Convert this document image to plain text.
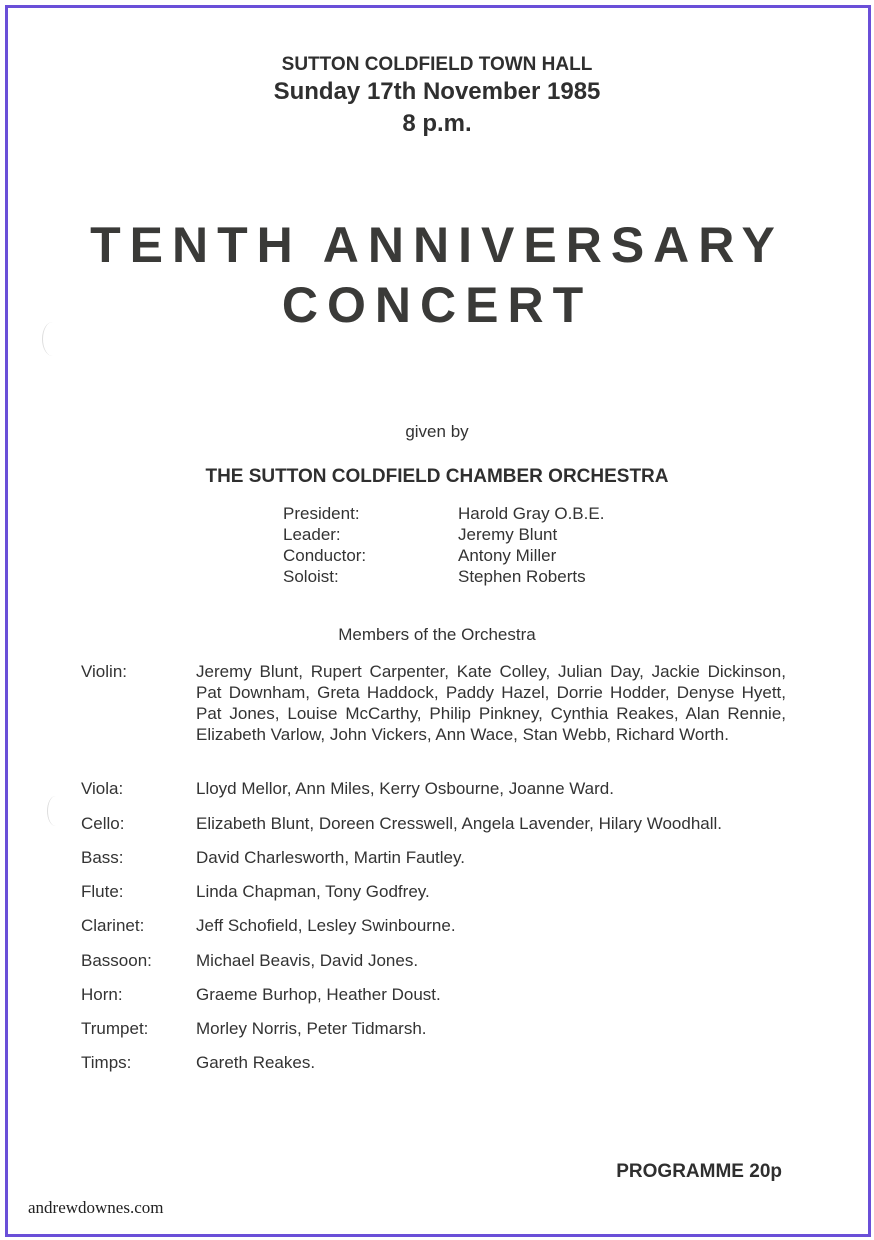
SUTTON COLDFIELD TOWN HALL
Sunday 17th November 1985
8 p.m.
TENTH ANNIVERSARY
CONCERT
given by
THE SUTTON COLDFIELD CHAMBER ORCHESTRA
President:	Harold Gray O.B.E.
Leader:	Jeremy Blunt
Conductor:	Antony Miller
Soloist:	Stephen Roberts
Members of the Orchestra
Violin:	Jeremy Blunt, Rupert Carpenter, Kate Colley, Julian Day, Jackie Dickinson, Pat Downham, Greta Haddock, Paddy Hazel, Dorrie Hodder, Denyse Hyett, Pat Jones, Louise McCarthy, Philip Pinkney, Cynthia Reakes, Alan Rennie, Elizabeth Varlow, John Vickers, Ann Wace, Stan Webb, Richard Worth.
Viola:	Lloyd Mellor, Ann Miles, Kerry Osbourne, Joanne Ward.
Cello:	Elizabeth Blunt, Doreen Cresswell, Angela Lavender, Hilary Woodhall.
Bass:	David Charlesworth, Martin Fautley.
Flute:	Linda Chapman, Tony Godfrey.
Clarinet:	Jeff Schofield, Lesley Swinbourne.
Bassoon:	Michael Beavis, David Jones.
Horn:	Graeme Burhop, Heather Doust.
Trumpet:	Morley Norris, Peter Tidmarsh.
Timps:	Gareth Reakes.
PROGRAMME 20p
andrewdownes.com
